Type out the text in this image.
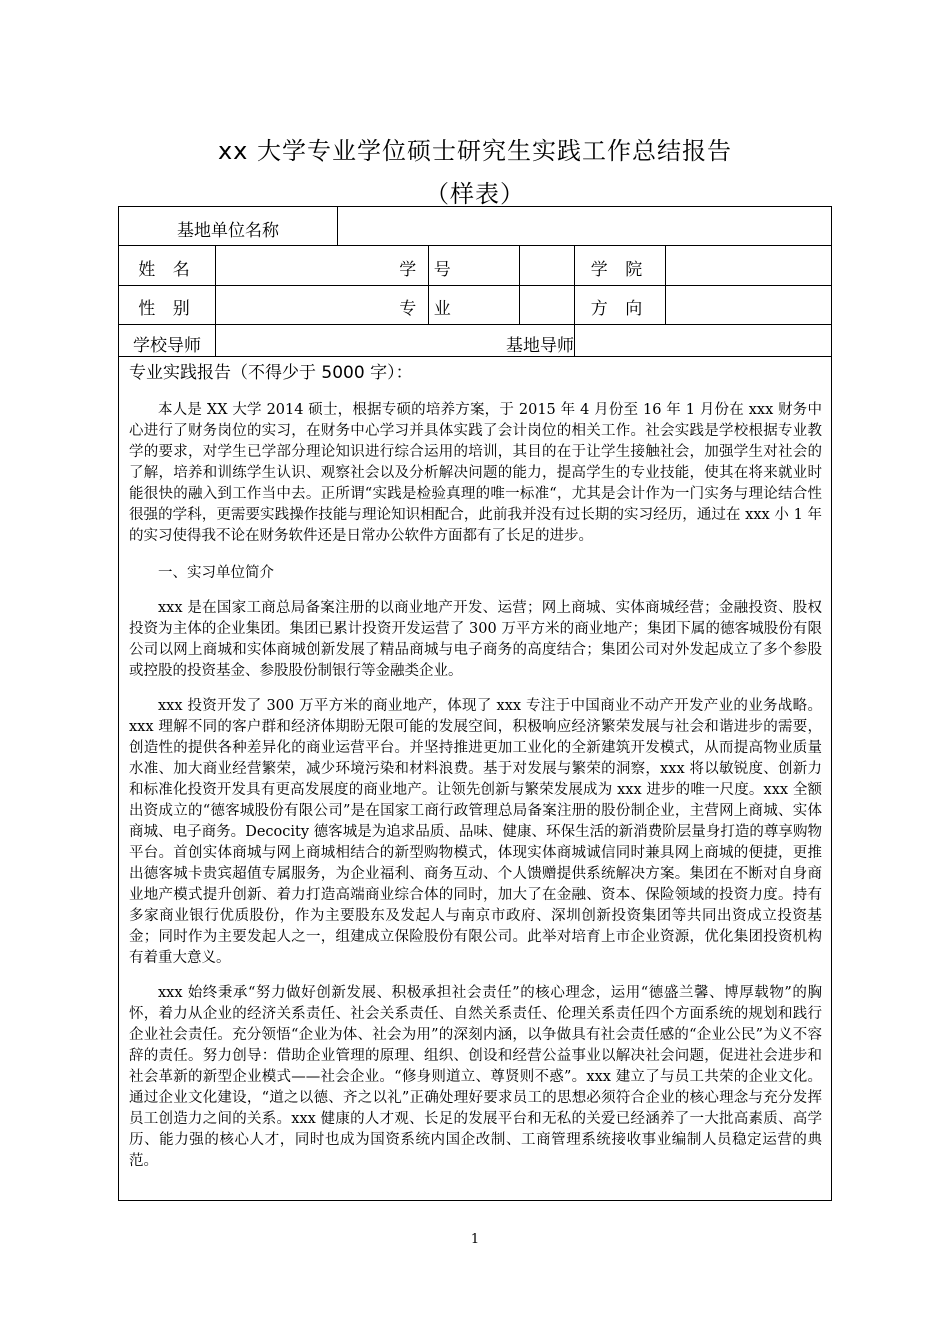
xx 大学专业学位硕士研究生实践工作总结报告
（样表）
基地单位名称
姓 名	学 号	学 院
性 别	专 业	方 向
学校导师	基地导师
专业实践报告（不得少于 5000 字）：

本人是 XX 大学 2014 硕士，根据专硕的培养方案，于 2015 年 4 月份至 16 年 1 月份在 xxx 财务中心进行了财务岗位的实习，在财务中心学习并具体实践了会计岗位的相关工作。社会实践是学校根据专业教学的要求，对学生已学部分理论知识进行综合运用的培训，其目的在于让学生接触社会，加强学生对社会的了解，培养和训练学生认识、观察社会以及分析解决问题的能力，提高学生的专业技能，使其在将来就业时能很快的融入到工作当中去。正所谓“实践是检验真理的唯一标准“，尤其是会计作为一门实务与理论结合性很强的学科，更需要实践操作技能与理论知识相配合，此前我并没有过长期的实习经历，通过在 xxx 小 1 年的实习使得我不论在财务软件还是日常办公软件方面都有了长足的进步。

一、实习单位简介

xxx 是在国家工商总局备案注册的以商业地产开发、运营；网上商城、实体商城经营；金融投资、股权投资为主体的企业集团。集团已累计投资开发运营了 300 万平方米的商业地产；集团下属的德客城股份有限公司以网上商城和实体商城创新发展了精品商城与电子商务的高度结合；集团公司对外发起成立了多个参股或控股的投资基金、参股股份制银行等金融类企业。

xxx 投资开发了 300 万平方米的商业地产，体现了 xxx 专注于中国商业不动产开发产业的业务战略。xxx 理解不同的客户群和经济体期盼无限可能的发展空间，积极响应经济繁荣发展与社会和谐进步的需要，创造性的提供各种差异化的商业运营平台。并坚持推进更加工业化的全新建筑开发模式，从而提高物业质量水准、加大商业经营繁荣，减少环境污染和材料浪费。基于对发展与繁荣的洞察，xxx 将以敏锐度、创新力和标准化投资开发具有更高发展度的商业地产。让领先创新与繁荣发展成为 xxx 进步的唯一尺度。xxx 全额出资成立的“德客城股份有限公司”是在国家工商行政管理总局备案注册的股份制企业，主营网上商城、实体商城、电子商务。Decocity 德客城是为追求品质、品味、健康、环保生活的新消费阶层量身打造的尊享购物平台。首创实体商城与网上商城相结合的新型购物模式，体现实体商城诚信同时兼具网上商城的便捷，更推出德客城卡贵宾超值专属服务，为企业福利、商务互动、个人馈赠提供系统解决方案。集团在不断对自身商业地产模式提升创新、着力打造高端商业综合体的同时，加大了在金融、资本、保险领域的投资力度。持有多家商业银行优质股份，作为主要股东及发起人与南京市政府、深圳创新投资集团等共同出资成立投资基金；同时作为主要发起人之一，组建成立保险股份有限公司。此举对培育上市企业资源，优化集团投资机构有着重大意义。

xxx 始终秉承“努力做好创新发展、积极承担社会责任”的核心理念，运用“德盛兰馨、博厚载物”的胸怀，着力从企业的经济关系责任、社会关系责任、自然关系责任、伦理关系责任四个方面系统的规划和践行企业社会责任。充分领悟“企业为体、社会为用”的深刻内涵，以争做具有社会责任感的“企业公民”为义不容辞的责任。努力创导：借助企业管理的原理、组织、创设和经营公益事业以解决社会问题，促进社会进步和社会革新的新型企业模式——社会企业。“修身则道立、尊贤则不惑”。xxx 建立了与员工共荣的企业文化。通过企业文化建设，“道之以德、齐之以礼”正确处理好要求员工的思想必须符合企业的核心理念与充分发挥员工创造力之间的关系。xxx 健康的人才观、长足的发展平台和无私的关爱已经涵养了一大批高素质、高学历、能力强的核心人才，同时也成为国资系统内国企改制、工商管理系统接收事业编制人员稳定运营的典范。

1
